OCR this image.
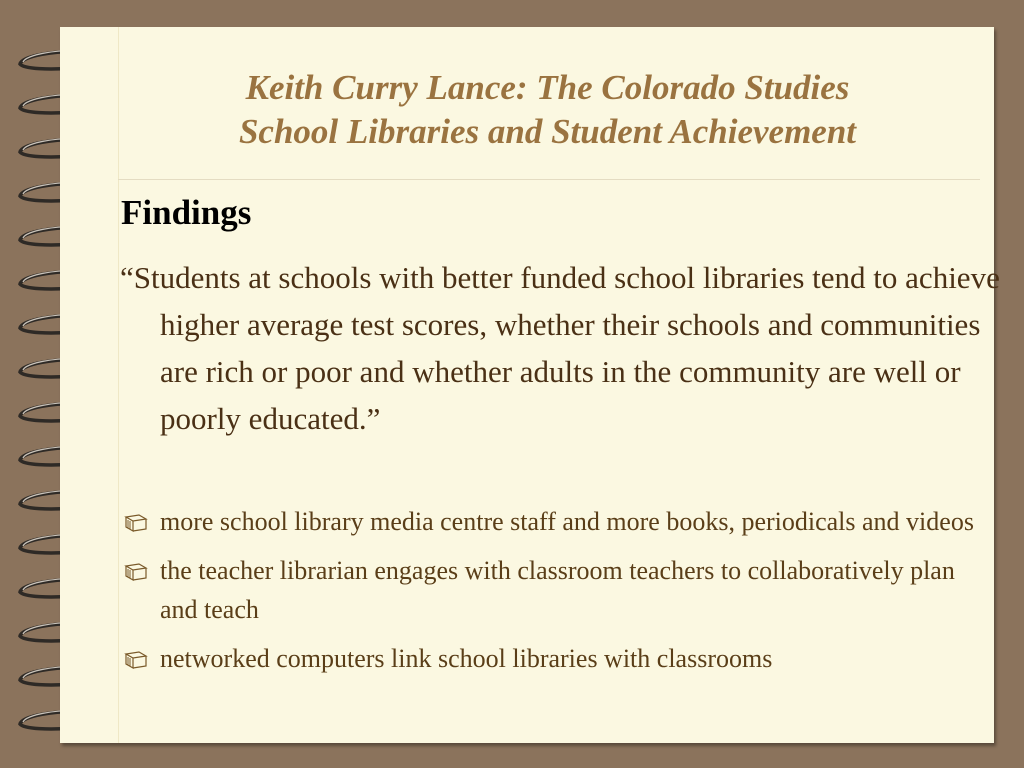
Keith Curry Lance: The Colorado Studies
School Libraries and Student Achievement
Findings
“Students at schools with better funded school libraries tend to achieve higher average test scores, whether their schools and communities are rich or poor and whether adults in the community are well or poorly educated.”
more school library media centre staff and more books, periodicals and videos
the teacher librarian engages with classroom teachers to collaboratively plan and teach
networked computers link school libraries with classrooms
